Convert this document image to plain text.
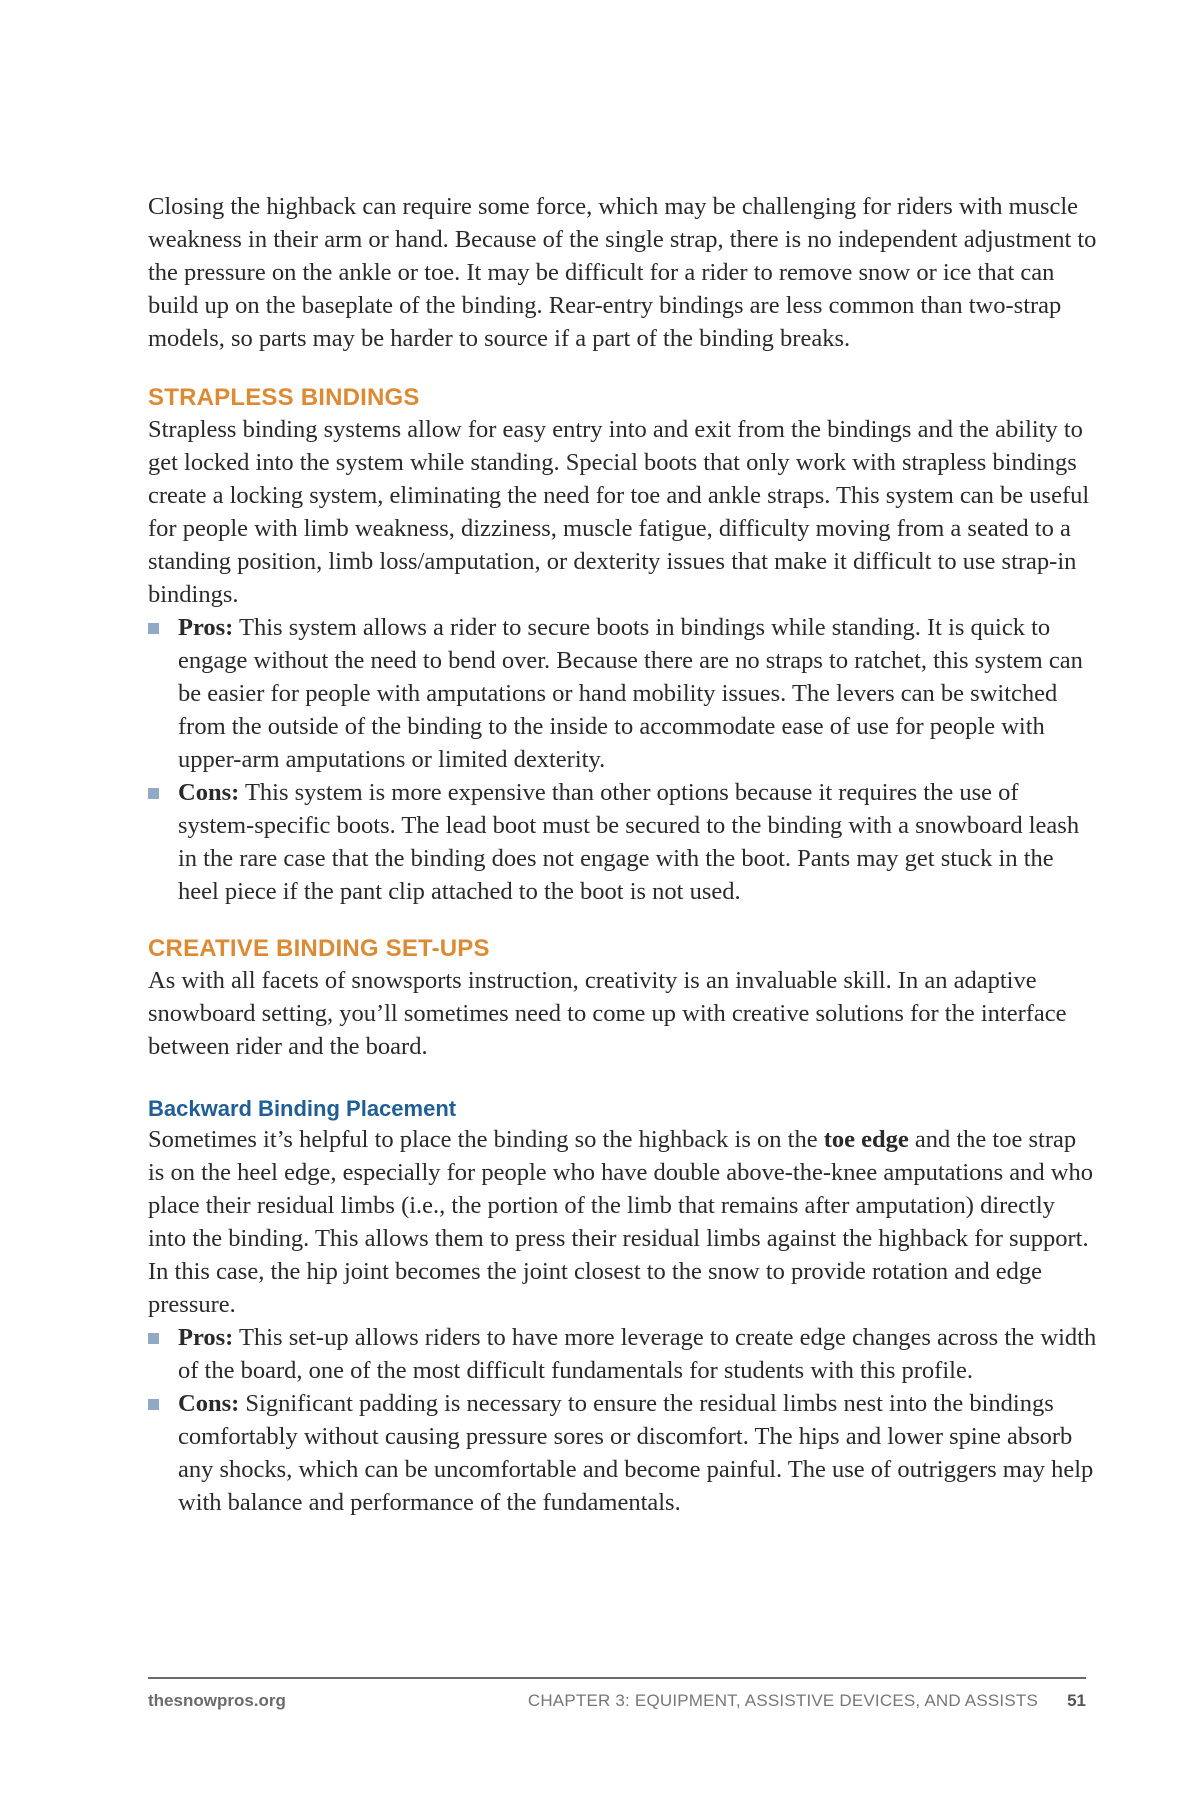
Closing the highback can require some force, which may be challenging for riders with muscle weakness in their arm or hand. Because of the single strap, there is no independent adjustment to the pressure on the ankle or toe. It may be difficult for a rider to remove snow or ice that can build up on the baseplate of the binding. Rear-entry bindings are less common than two-strap models, so parts may be harder to source if a part of the binding breaks.

STRAPLESS BINDINGS

Strapless binding systems allow for easy entry into and exit from the bindings and the ability to get locked into the system while standing. Special boots that only work with strapless bindings create a locking system, eliminating the need for toe and ankle straps. This system can be useful for people with limb weakness, dizziness, muscle fatigue, difficulty moving from a seated to a standing position, limb loss/amputation, or dexterity issues that make it difficult to use strap-in bindings.

Pros: This system allows a rider to secure boots in bindings while standing. It is quick to engage without the need to bend over. Because there are no straps to ratchet, this system can be easier for people with amputations or hand mobility issues. The levers can be switched from the outside of the binding to the inside to accommodate ease of use for people with upper-arm amputations or limited dexterity.
Cons: This system is more expensive than other options because it requires the use of system-specific boots. The lead boot must be secured to the binding with a snowboard leash in the rare case that the binding does not engage with the boot. Pants may get stuck in the heel piece if the pant clip attached to the boot is not used.
CREATIVE BINDING SET-UPS

As with all facets of snowsports instruction, creativity is an invaluable skill. In an adaptive snowboard setting, you’ll sometimes need to come up with creative solutions for the interface between rider and the board.

Backward Binding Placement

Sometimes it’s helpful to place the binding so the highback is on the toe edge and the toe strap is on the heel edge, especially for people who have double above-the-knee amputations and who place their residual limbs (i.e., the portion of the limb that remains after amputation) directly into the binding. This allows them to press their residual limbs against the highback for support. In this case, the hip joint becomes the joint closest to the snow to provide rotation and edge pressure.

Pros: This set-up allows riders to have more leverage to create edge changes across the width of the board, one of the most difficult fundamentals for students with this profile.
Cons: Significant padding is necessary to ensure the residual limbs nest into the bindings comfortably without causing pressure sores or discomfort. The hips and lower spine absorb any shocks, which can be uncomfortable and become painful. The use of outriggers may help with balance and performance of the fundamentals.
thesnowpros.org	CHAPTER 3: EQUIPMENT, ASSISTIVE DEVICES, AND ASSISTS 51
